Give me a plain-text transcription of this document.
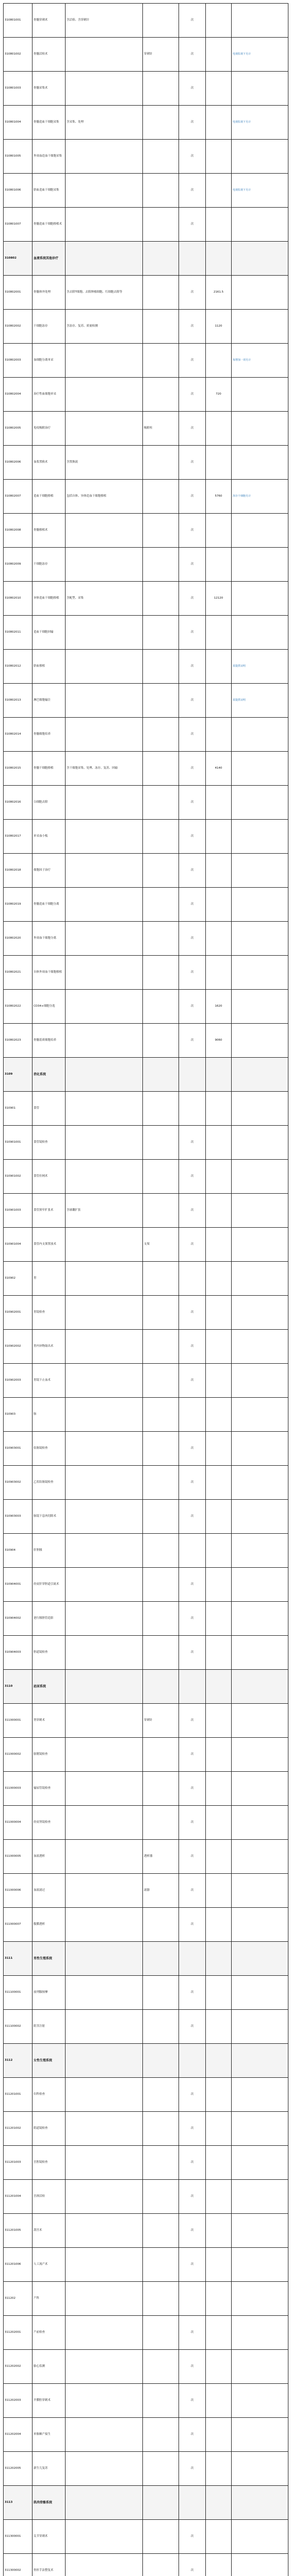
310801001	骨髓穿刺术	含活检、含穿刺针		次		
310801002	骨髓活检术		穿刺针	次		电视监视下另计
310801003	骨髓采集术			次		
310801004	骨髓造血干细胞采集	含采集、处理		次		电视监视下另计
310801005	外周血造血干细胞采集			次		
310801006	脐血造血干细胞采集			次		电视监视下另计
310801007	骨髓造血干细胞移植术			次		
310802	血液系统其他诊疗					
310802001	骨髓体外处理	含去除T细胞、去除肿瘤细胞、红细胞去除等		次	2161.5	
310802002	干细胞冻存	含冻存、复苏、质量检测		次	1120	
310802003	血细胞分离单采			次		每增加一项另计
310802004	治疗性血细胞单采			次	720	
310802005	免疫吸附治疗		吸附柱	次		
310802006	血浆置换术	含置换液		次		
310802007	造血干细胞移植	包括自体、异体造血干细胞移植		次	5760	冻存干细胞另计
310802008	骨髓移植术			次		
310802009	干细胞冻存			次		
310802010	异体造血干细胞移植	含配型、采集		次	12120	
310802011	造血干细胞回输			次		
310802012	脐血移植			次		需提供证明
310802013	淋巴细胞输注			次		需提供证明
310802014	骨髓细胞培养			次		
310802015	骨髓干细胞移植	含干细胞采集、处理、冻存、复苏、回输		次	4140	
310802016	白细胞去除			次		
310802017	单采血小板			次		
310802018	细胞因子治疗			次		
310802019	骨髓造血干细胞分离			次		
310802020	外周血干细胞分离			次		
310802021	自体外周血干细胞移植			次		
310802022	CD34+细胞分选			次	1620	
310802023	骨髓基质细胞培养			次	9060	
3109	消化系统					
310901	食管					
310901001	食管镜检查			次		
310901002	食管拉网术			次		
310901003	食管狭窄扩张术	含球囊扩张		次		
310901004	食管内支架置放术		支架	次		
310902	胃					
310902001	胃镜检查			次		
310902002	胃内异物取出术			次		
310902003	胃镜下止血术			次		
310903	肠					
310903001	结肠镜检查			次		
310903002	乙状结肠镜检查			次		
310903003	肠镜下息肉切除术			次		
310904	肝胆胰					
310904001	经皮肝穿胆道引流术			次		
310904002	逆行胰胆管造影			次		
310904003	胆道镜检查			次		
3110	泌尿系统					
311000001	肾穿刺术		穿刺针	次		
311000002	膀胱镜检查			次		
311000003	输尿管镜检查			次		
311000004	经皮肾镜检查			次		
311000005	血液透析		透析器	次		
311000006	血液滤过		滤器	次		
311000007	腹膜透析			次		
3111	男性生殖系统					
311100001	前列腺按摩			次		
311100002	阴茎注射			次		
3112	女性生殖系统					
311201001	妇科检查			次		
311201002	阴道镜检查			次		
311201003	宫腔镜检查			次		
311201004	宫颈活检			次		
311201005	刮宫术			次		
311201006	人工流产术			次		
311202	产科					
311202001	产前检查			次		
311202002	胎心监测			次		
311202003	羊膜腔穿刺术			次		
311202004	单胎顺产接生			次		
311202005	新生儿复苏			次		
3113	肌肉骨骼系统					
311300001	关节穿刺术			次		
311300002	骨折手法整复术			次		
